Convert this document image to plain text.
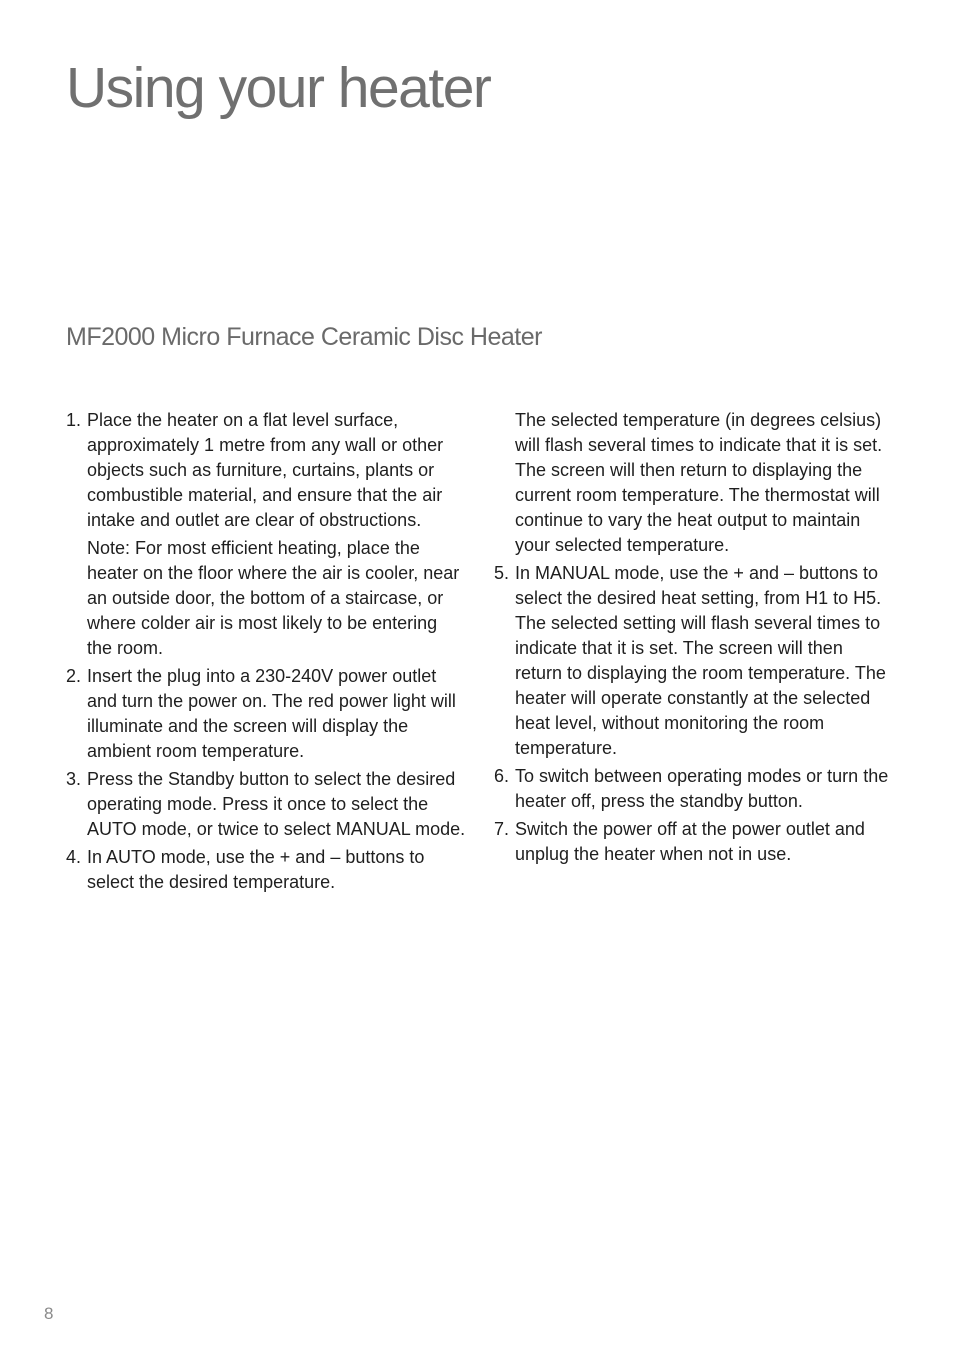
Using your heater
MF2000 Micro Furnace Ceramic Disc Heater
1. Place the heater on a flat level surface, approximately 1 metre from any wall or other objects such as furniture, curtains, plants or combustible material, and ensure that the air intake and outlet are clear of obstructions.
Note: For most efficient heating, place the heater on the floor where the air is cooler, near an outside door, the bottom of a staircase, or where colder air is most likely to be entering the room.
2. Insert the plug into a 230-240V power outlet and turn the power on. The red power light will illuminate and the screen will display the ambient room temperature.
3. Press the Standby button to select the desired operating mode. Press it once to select the AUTO mode, or twice to select MANUAL mode.
4. In AUTO mode, use the + and – buttons to select the desired temperature.

The selected temperature (in degrees celsius) will flash several times to indicate that it is set. The screen will then return to displaying the current room temperature. The thermostat will continue to vary the heat output to maintain your selected temperature.

5. In MANUAL mode, use the + and – buttons to select the desired heat setting, from H1 to H5. The selected setting will flash several times to indicate that it is set. The screen will then return to displaying the room temperature. The heater will operate constantly at the selected heat level, without monitoring the room temperature.
6. To switch between operating modes or turn the heater off, press the standby button.
7. Switch the power off at the power outlet and unplug the heater when not in use.
8
